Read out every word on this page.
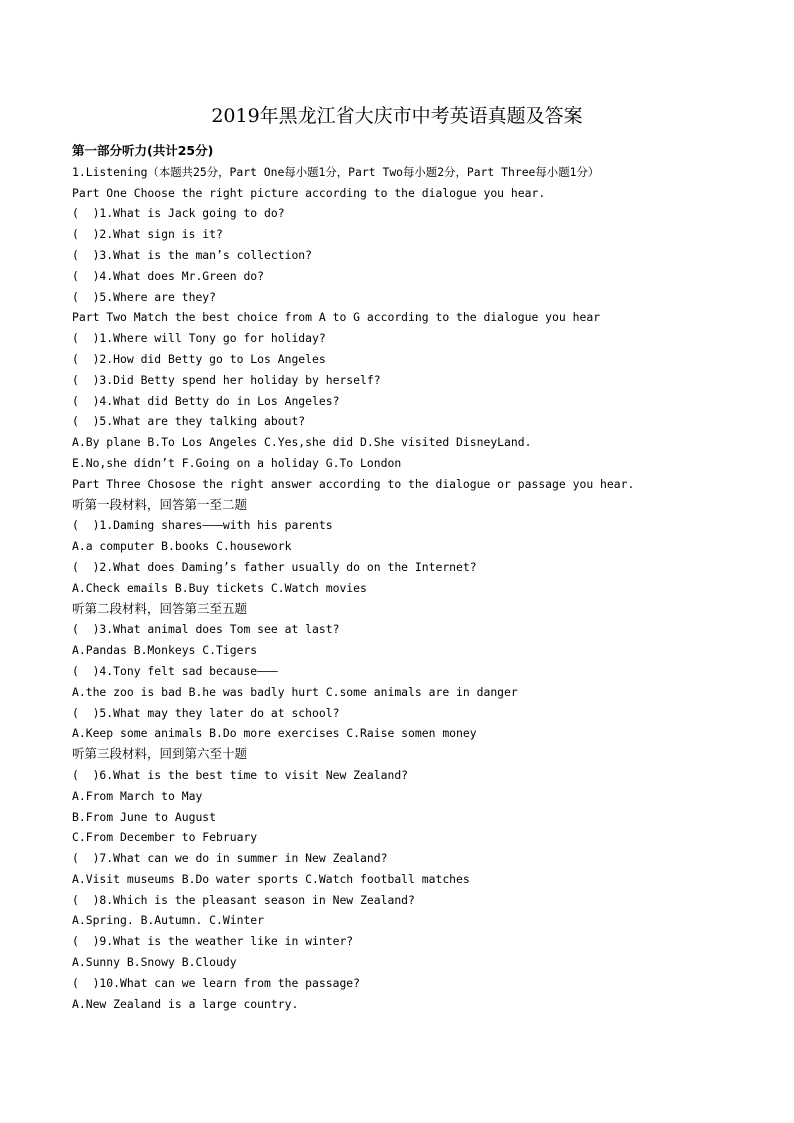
2019年黑龙江省大庆市中考英语真题及答案
第一部分听力(共计25分)
1.Listening（本题共25分，Part One每小题1分，Part Two每小题2分，Part Three每小题1分）
Part One Choose the right picture according to the dialogue you hear.
(  )1.What is Jack going to do?
(  )2.What sign is it?
(  )3.What is the man’s collection?
(  )4.What does Mr.Green do?
(  )5.Where are they?
Part Two Match the best choice from A to G according to the dialogue you hear
(  )1.Where will Tony go for holiday?
(  )2.How did Betty go to Los Angeles
(  )3.Did Betty spend her holiday by herself?
(  )4.What did Betty do in Los Angeles?
(  )5.What are they talking about?
A.By plane B.To Los Angeles C.Yes,she did D.She visited DisneyLand.
E.No,she didn’t F.Going on a holiday G.To London
Part Three Chosose the right answer according to the dialogue or passage you hear.
听第一段材料，回答第一至二题
(  )1.Daming shares———with his parents
A.a computer B.books C.housework
(  )2.What does Daming’s father usually do on the Internet?
A.Check emails B.Buy tickets C.Watch movies
听第二段材料，回答第三至五题
(  )3.What animal does Tom see at last?
A.Pandas B.Monkeys C.Tigers
(  )4.Tony felt sad because———
A.the zoo is bad B.he was badly hurt C.some animals are in danger
(  )5.What may they later do at school?
A.Keep some animals B.Do more exercises C.Raise somen money
听第三段材料，回到第六至十题
(  )6.What is the best time to visit New Zealand?
A.From March to May
B.From June to August
C.From December to February
(  )7.What can we do in summer in New Zealand?
A.Visit museums B.Do water sports C.Watch football matches
(  )8.Which is the pleasant season in New Zealand?
A.Spring. B.Autumn. C.Winter
(  )9.What is the weather like in winter?
A.Sunny B.Snowy B.Cloudy
(  )10.What can we learn from the passage?
A.New Zealand is a large country.
